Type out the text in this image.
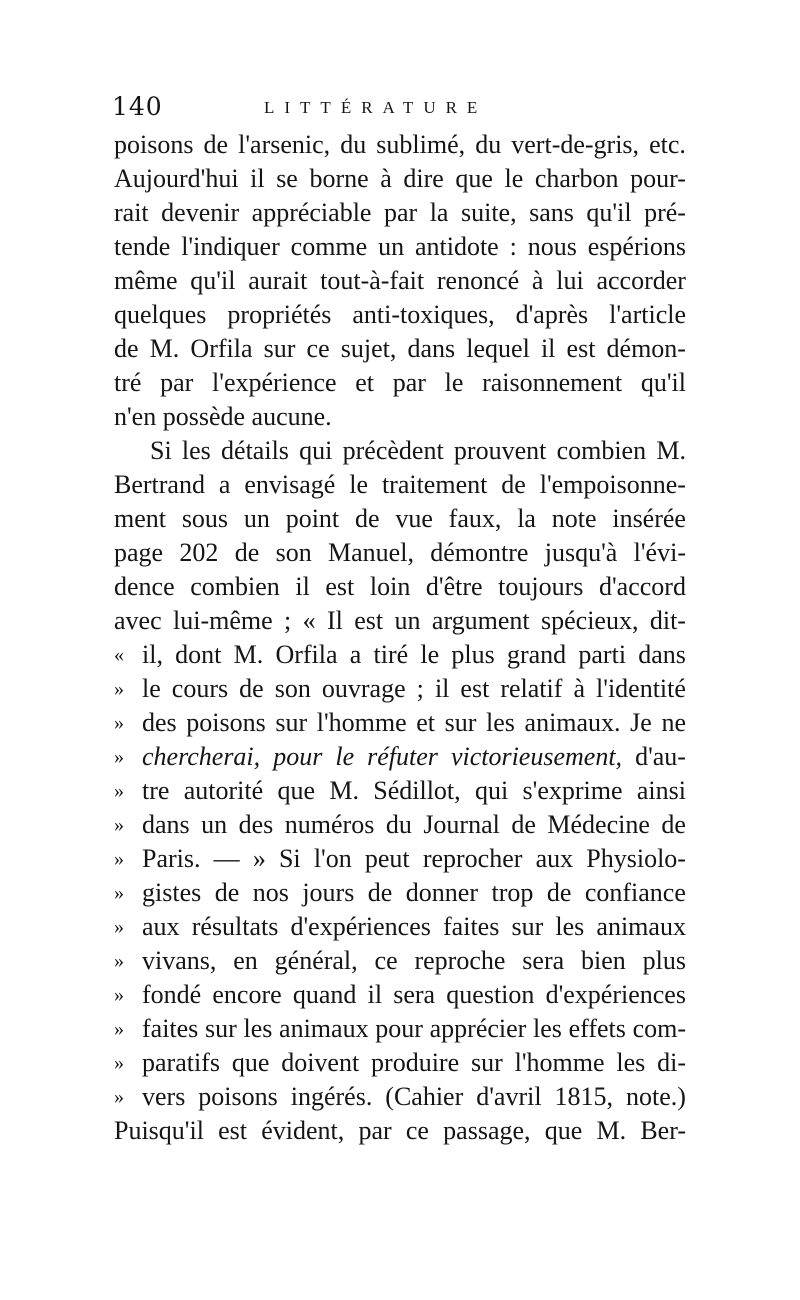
140	LITTÉRATURE
poisons de l'arsenic, du sublimé, du vert-de-gris, etc.
Aujourd'hui il se borne à dire que le charbon pour-
rait devenir appréciable par la suite, sans qu'il pré-
tende l'indiquer comme un antidote : nous espérions
même qu'il aurait tout-à-fait renoncé à lui accorder
quelques propriétés anti-toxiques, d'après l'article
de M. Orfila sur ce sujet, dans lequel il est démon-
tré par l'expérience et par le raisonnement qu'il
n'en possède aucune.
Si les détails qui précèdent prouvent combien M.
Bertrand a envisagé le traitement de l'empoisonne-
ment sous un point de vue faux, la note insérée
page 202 de son Manuel, démontre jusqu'à l'évi-
dence combien il est loin d'être toujours d'accord
avec lui-même ; « Il est un argument spécieux, dit-
« il, dont M. Orfila a tiré le plus grand parti dans
» le cours de son ouvrage ; il est relatif à l'identité
» des poisons sur l'homme et sur les animaux. Je ne
» chercherai, pour le réfuter victorieusement, d'au-
» tre autorité que M. Sédillot, qui s'exprime ainsi
» dans un des numéros du Journal de Médecine de
» Paris. — » Si l'on peut reprocher aux Physiolo-
» gistes de nos jours de donner trop de confiance
» aux résultats d'expériences faites sur les animaux
» vivans, en général, ce reproche sera bien plus
» fondé encore quand il sera question d'expériences
» faites sur les animaux pour apprécier les effets com-
» paratifs que doivent produire sur l'homme les di-
» vers poisons ingérés. (Cahier d'avril 1815, note.)
Puisqu'il est évident, par ce passage, que M. Ber-
